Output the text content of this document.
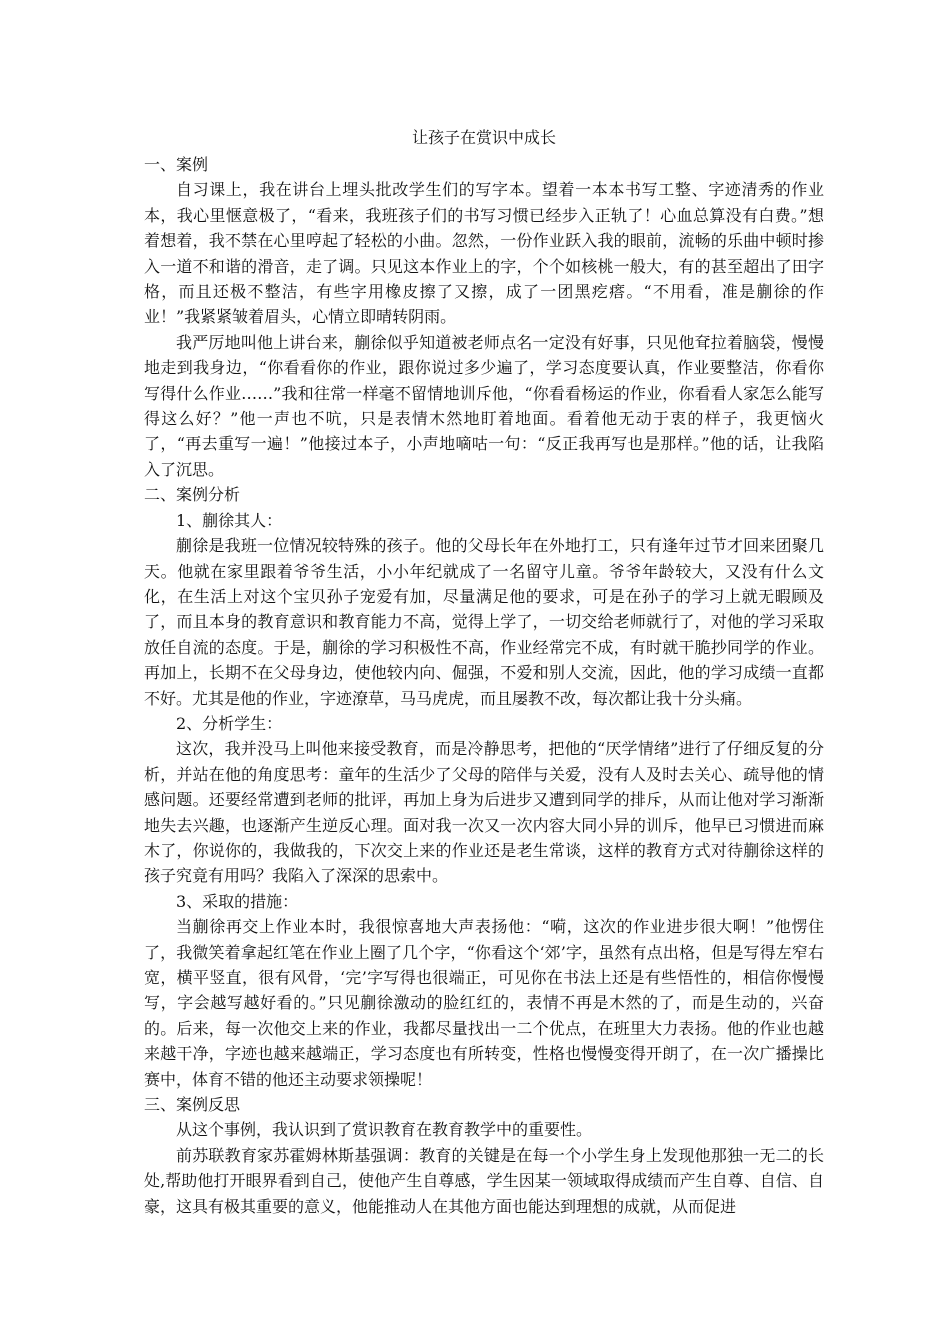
让孩子在赏识中成长
一、案例

自习课上，我在讲台上埋头批改学生们的写字本。望着一本本书写工整、字迹清秀的作业本，我心里惬意极了，“看来，我班孩子们的书写习惯已经步入正轨了！心血总算没有白费。”想着想着，我不禁在心里哼起了轻松的小曲。忽然，一份作业跃入我的眼前，流畅的乐曲中顿时掺入一道不和谐的滑音，走了调。只见这本作业上的字，个个如核桃一般大，有的甚至超出了田字格，而且还极不整洁，有些字用橡皮擦了又擦，成了一团黑疙瘩。“不用看，准是蒯徐的作业！”我紧紧皱着眉头，心情立即晴转阴雨。

我严厉地叫他上讲台来，蒯徐似乎知道被老师点名一定没有好事，只见他耷拉着脑袋，慢慢地走到我身边，“你看看你的作业，跟你说过多少遍了，学习态度要认真，作业要整洁，你看你写得什么作业……”我和往常一样毫不留情地训斥他，“你看看杨运的作业，你看看人家怎么能写得这么好？”他一声也不吭，只是表情木然地盯着地面。看着他无动于衷的样子，我更恼火了，“再去重写一遍！”他接过本子，小声地嘀咕一句：“反正我再写也是那样。”他的话，让我陷入了沉思。

二、案例分析
1、蒯徐其人：

蒯徐是我班一位情况较特殊的孩子。他的父母长年在外地打工，只有逢年过节才回来团聚几天。他就在家里跟着爷爷生活，小小年纪就成了一名留守儿童。爷爷年龄较大，又没有什么文化，在生活上对这个宝贝孙子宠爱有加，尽量满足他的要求，可是在孙子的学习上就无暇顾及了，而且本身的教育意识和教育能力不高，觉得上学了，一切交给老师就行了，对他的学习采取放任自流的态度。于是，蒯徐的学习积极性不高，作业经常完不成，有时就干脆抄同学的作业。再加上，长期不在父母身边，使他较内向、倔强，不爱和别人交流，因此，他的学习成绩一直都不好。尤其是他的作业，字迹潦草，马马虎虎，而且屡教不改，每次都让我十分头痛。

2、分析学生：

这次，我并没马上叫他来接受教育，而是冷静思考，把他的“厌学情绪”进行了仔细反复的分析，并站在他的角度思考：童年的生活少了父母的陪伴与关爱，没有人及时去关心、疏导他的情感问题。还要经常遭到老师的批评，再加上身为后进步又遭到同学的排斥，从而让他对学习渐渐地失去兴趣，也逐渐产生逆反心理。面对我一次又一次内容大同小异的训斥，他早已习惯进而麻木了，你说你的，我做我的，下次交上来的作业还是老生常谈，这样的教育方式对待蒯徐这样的孩子究竟有用吗？我陷入了深深的思索中。

3、采取的措施：

当蒯徐再交上作业本时，我很惊喜地大声表扬他：“嗬，这次的作业进步很大啊！”他愣住了，我微笑着拿起红笔在作业上圈了几个字，“你看这个‘郊’字，虽然有点出格，但是写得左窄右宽，横平竖直，很有风骨，‘完’字写得也很端正，可见你在书法上还是有些悟性的，相信你慢慢写，字会越写越好看的。”只见蒯徐激动的脸红红的，表情不再是木然的了，而是生动的，兴奋的。后来，每一次他交上来的作业，我都尽量找出一二个优点，在班里大力表扬。他的作业也越来越干净，字迹也越来越端正，学习态度也有所转变，性格也慢慢变得开朗了，在一次广播操比赛中，体育不错的他还主动要求领操呢！

三、案例反思

从这个事例，我认识到了赏识教育在教育教学中的重要性。

前苏联教育家苏霍姆林斯基强调：教育的关键是在每一个小学生身上发现他那独一无二的长处,帮助他打开眼界看到自己，使他产生自尊感，学生因某一领域取得成绩而产生自尊、自信、自豪，这具有极其重要的意义，他能推动人在其他方面也能达到理想的成就，从而促进
